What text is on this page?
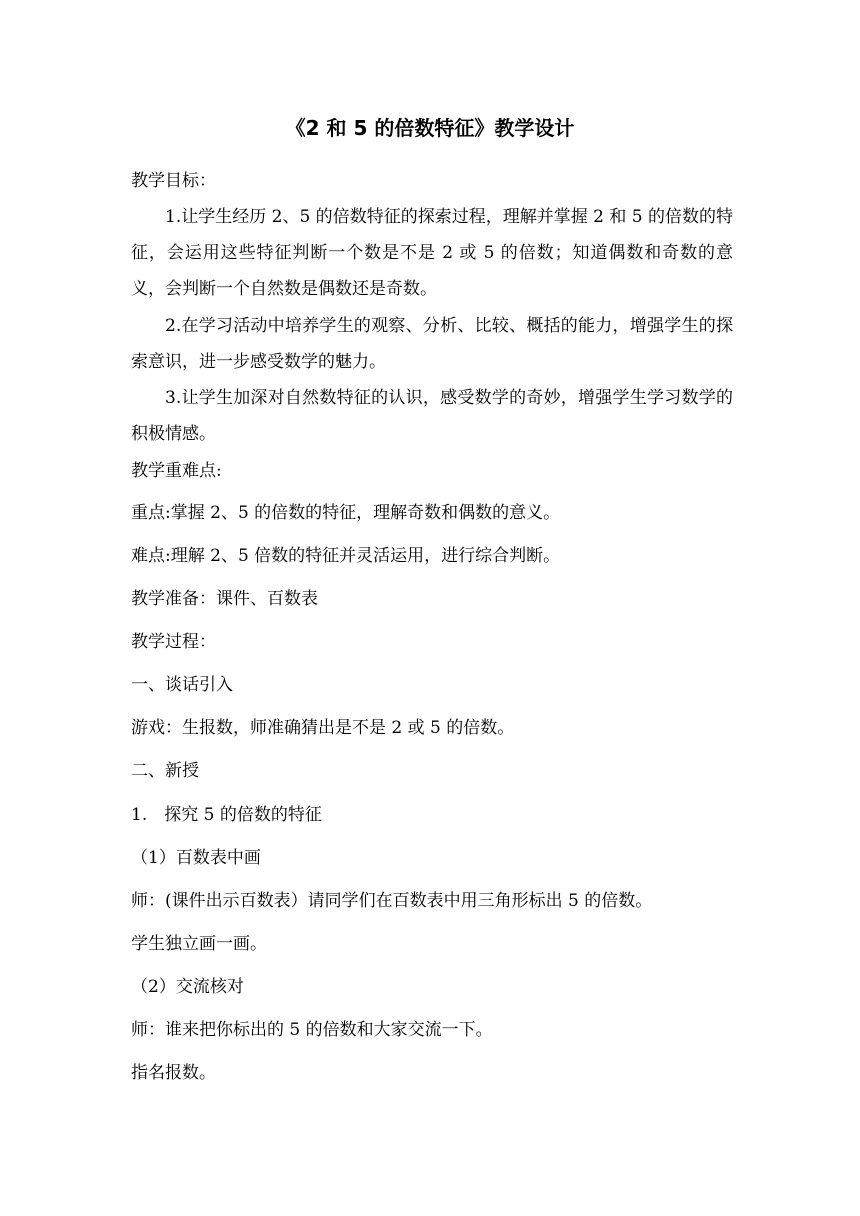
《2 和 5 的倍数特征》教学设计

教学目标：

1.让学生经历 2、5 的倍数特征的探索过程，理解并掌握 2 和 5 的倍数的特征，会运用这些特征判断一个数是不是 2 或 5 的倍数；知道偶数和奇数的意义，会判断一个自然数是偶数还是奇数。

2.在学习活动中培养学生的观察、分析、比较、概括的能力，增强学生的探索意识，进一步感受数学的魅力。

3.让学生加深对自然数特征的认识，感受数学的奇妙，增强学生学习数学的积极情感。

教学重难点:

重点:掌握 2、5 的倍数的特征，理解奇数和偶数的意义。

难点:理解 2、5 倍数的特征并灵活运用，进行综合判断。

教学准备：课件、百数表

教学过程：

一、谈话引入

游戏：生报数，师准确猜出是不是 2 或 5 的倍数。

二、新授

1.　探究 5 的倍数的特征

（1）百数表中画

师：(课件出示百数表）请同学们在百数表中用三角形标出 5 的倍数。

学生独立画一画。

（2）交流核对

师：谁来把你标出的 5 的倍数和大家交流一下。

指名报数。
